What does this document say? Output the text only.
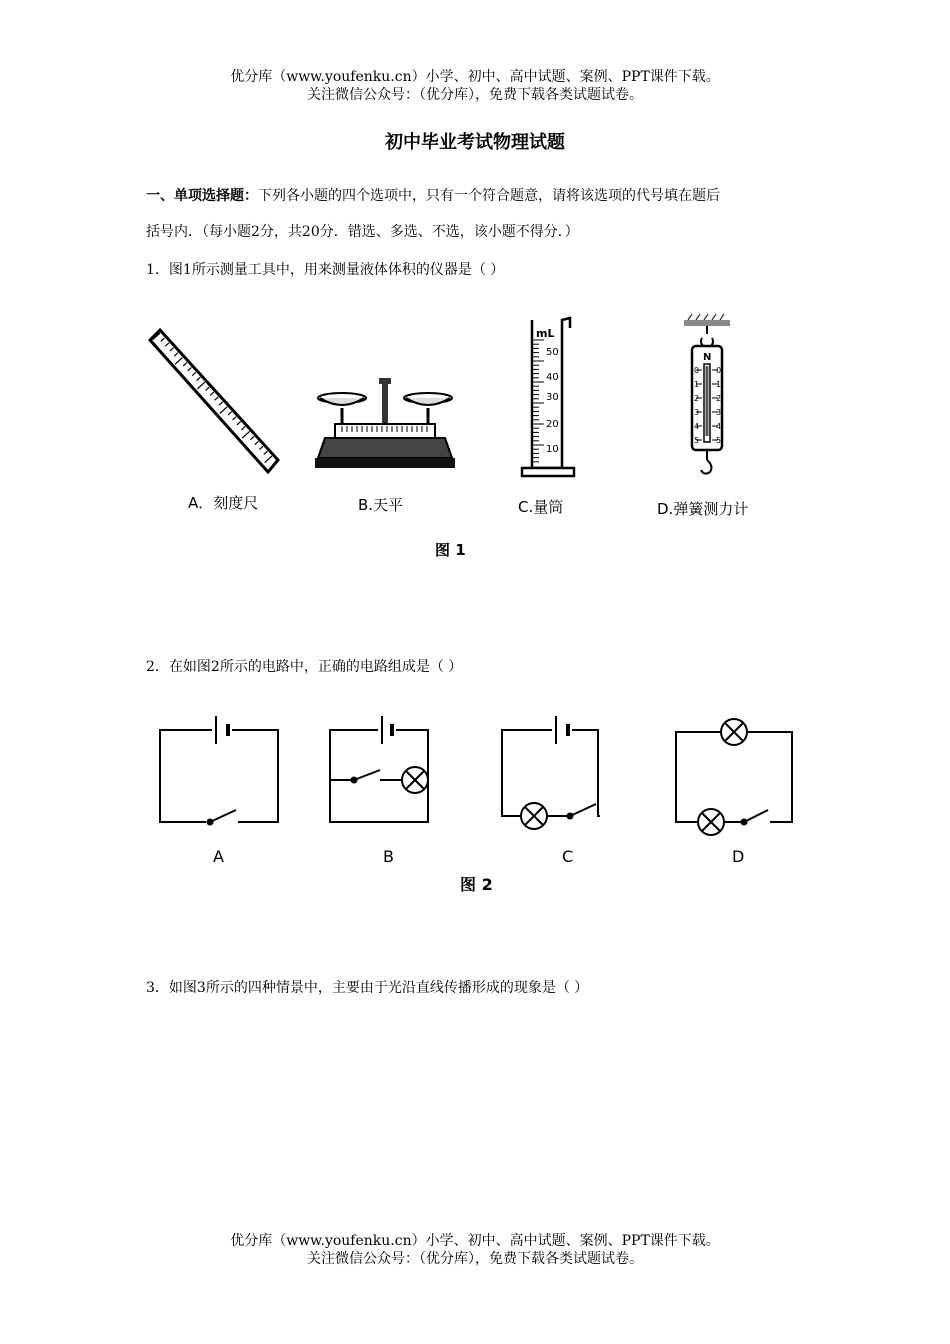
优分库（www.youfenku.cn）小学、初中、高中试题、案例、PPT课件下载。
关注微信公众号：（优分库），免费下载各类试题试卷。
初中毕业考试物理试题
一、单项选择题：下列各小题的四个选项中，只有一个符合题意，请将该选项的代号填在题后
括号内．（每小题2分，共20分．错选、多选、不选，该小题不得分．）
1．图1所示测量工具中，用来测量液体体积的仪器是（ ）
A．刻度尺	B.天平
mL
50
40
30
20
10
C.量筒
N
0 0
1 1
2 2
3 3
4 4
5 5
D.弹簧测力计
图 1
2．在如图2所示的电路中，正确的电路组成是（ ）
A	B	C	D
图 2
3．如图3所示的四种情景中，主要由于光沿直线传播形成的现象是（ ）
优分库（www.youfenku.cn）小学、初中、高中试题、案例、PPT课件下载。
关注微信公众号：（优分库），免费下载各类试题试卷。
